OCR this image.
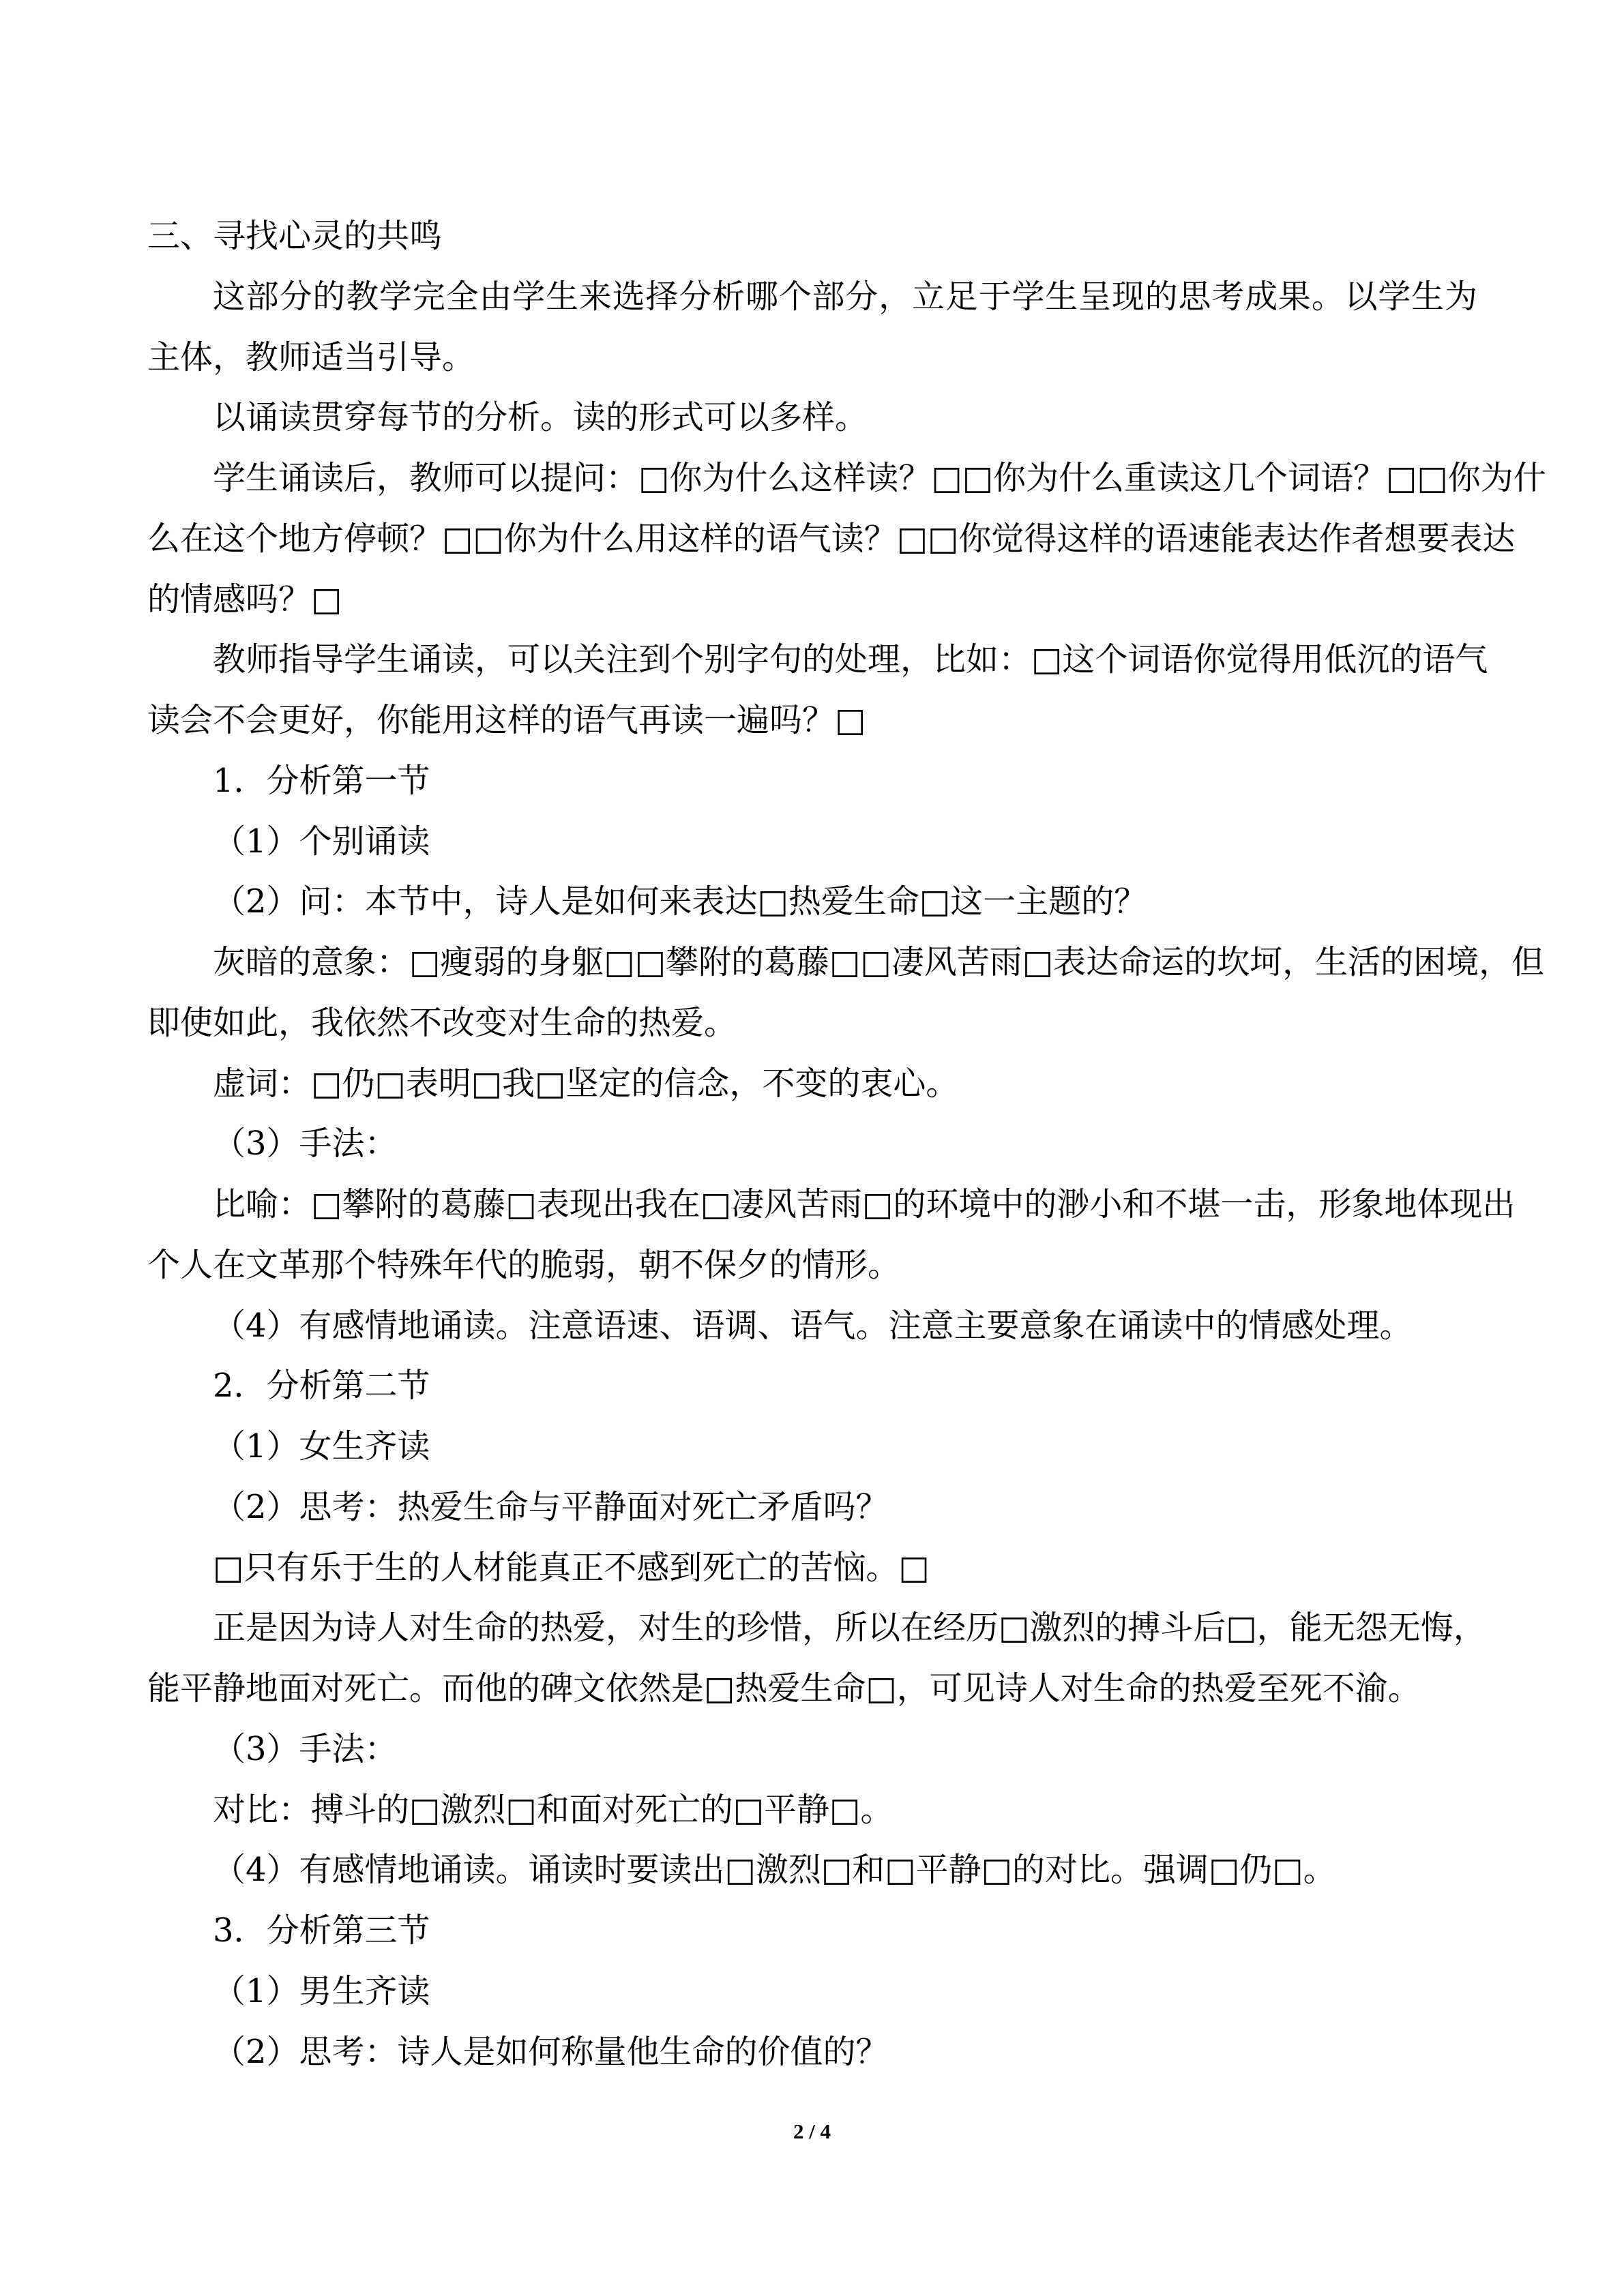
三、寻找心灵的共鸣
这部分的教学完全由学生来选择分析哪个部分，立足于学生呈现的思考成果。以学生为
主体，教师适当引导。
以诵读贯穿每节的分析。读的形式可以多样。
学生诵读后，教师可以提问：□你为什么这样读？□□你为什么重读这几个词语？□□你为什
么在这个地方停顿？□□你为什么用这样的语气读？□□你觉得这样的语速能表达作者想要表达
的情感吗？□
教师指导学生诵读，可以关注到个别字句的处理，比如：□这个词语你觉得用低沉的语气
读会不会更好，你能用这样的语气再读一遍吗？□
1．分析第一节
（1）个别诵读
（2）问：本节中，诗人是如何来表达□热爱生命□这一主题的？
灰暗的意象：□瘦弱的身躯□□攀附的葛藤□□凄风苦雨□表达命运的坎坷，生活的困境，但
即使如此，我依然不改变对生命的热爱。
虚词：□仍□表明□我□坚定的信念，不变的衷心。
（3）手法：
比喻：□攀附的葛藤□表现出我在□凄风苦雨□的环境中的渺小和不堪一击，形象地体现出
个人在文革那个特殊年代的脆弱，朝不保夕的情形。
（4）有感情地诵读。注意语速、语调、语气。注意主要意象在诵读中的情感处理。
2．分析第二节
（1）女生齐读
（2）思考：热爱生命与平静面对死亡矛盾吗？
□只有乐于生的人材能真正不感到死亡的苦恼。□
正是因为诗人对生命的热爱，对生的珍惜，所以在经历□激烈的搏斗后□，能无怨无悔，
能平静地面对死亡。而他的碑文依然是□热爱生命□，可见诗人对生命的热爱至死不渝。
（3）手法：
对比：搏斗的□激烈□和面对死亡的□平静□。
（4）有感情地诵读。诵读时要读出□激烈□和□平静□的对比。强调□仍□。
3．分析第三节
（1）男生齐读
（2）思考：诗人是如何称量他生命的价值的？
2 / 4
